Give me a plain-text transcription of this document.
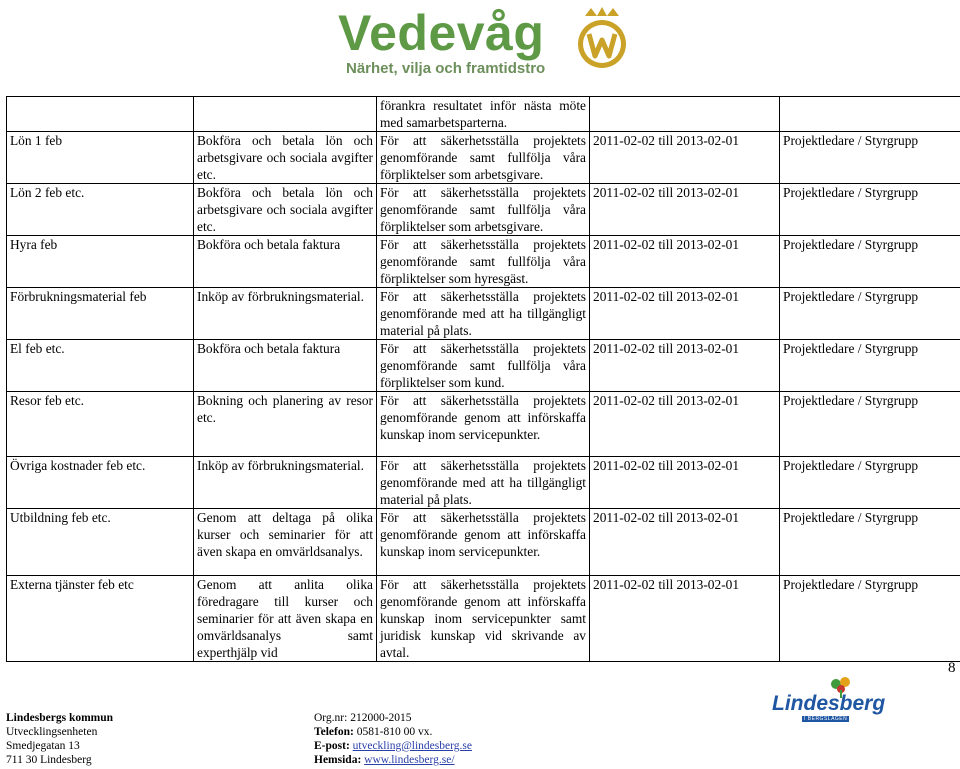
Vedevåg
Närhet, vilja och framtidstro
		förankra resultatet inför nästa möte med samarbetsparterna.		
Lön 1 feb	Bokföra och betala lön och arbetsgivare och sociala avgifter etc.	För att säkerhetsställa projektets genomförande samt fullfölja våra förpliktelser som arbetsgivare.	2011-02-02 till 2013-02-01	Projektledare / Styrgrupp
Lön 2 feb etc.	Bokföra och betala lön och arbetsgivare och sociala avgifter etc.	För att säkerhetsställa projektets genomförande samt fullfölja våra förpliktelser som arbetsgivare.	2011-02-02 till 2013-02-01	Projektledare / Styrgrupp
Hyra feb	Bokföra och betala faktura	För att säkerhetsställa projektets genomförande samt fullfölja våra förpliktelser som hyresgäst.	2011-02-02 till 2013-02-01	Projektledare / Styrgrupp
Förbrukningsmaterial feb	Inköp av förbrukningsmaterial.	För att säkerhetsställa projektets genomförande med att ha tillgängligt material på plats.	2011-02-02 till 2013-02-01	Projektledare / Styrgrupp
El feb etc.	Bokföra och betala faktura	För att säkerhetsställa projektets genomförande samt fullfölja våra förpliktelser som kund.	2011-02-02 till 2013-02-01	Projektledare / Styrgrupp
Resor feb etc.	Bokning och planering av resor etc.	För att säkerhetsställa projektets genomförande genom att införskaffa kunskap inom servicepunkter.	2011-02-02 till 2013-02-01	Projektledare / Styrgrupp
Övriga kostnader feb etc.	Inköp av förbrukningsmaterial.	För att säkerhetsställa projektets genomförande med att ha tillgängligt material på plats.	2011-02-02 till 2013-02-01	Projektledare / Styrgrupp
Utbildning feb etc.	Genom att deltaga på olika kurser och seminarier för att även skapa en omvärldsanalys.	För att säkerhetsställa projektets genomförande genom att införskaffa kunskap inom servicepunkter.	2011-02-02 till 2013-02-01	Projektledare / Styrgrupp
Externa tjänster feb etc	Genom att anlita olika föredragare till kurser och seminarier för att även skapa en omvärldsanalys samt experthjälp vid	För att säkerhetsställa projektets genomförande genom att införskaffa kunskap inom servicepunkter samt juridisk kunskap vid skrivande av avtal.	2011-02-02 till 2013-02-01	Projektledare / Styrgrupp
8
Lindesbergs kommun
Utvecklingsenheten
Smedjegatan 13
711 30 Lindesberg
Org.nr: 212000-2015
Telefon: 0581-810 00 vx.
E-post: utveckling@lindesberg.se
Hemsida: www.lindesberg.se/
Lindesberg
I BERGSLAGEN
